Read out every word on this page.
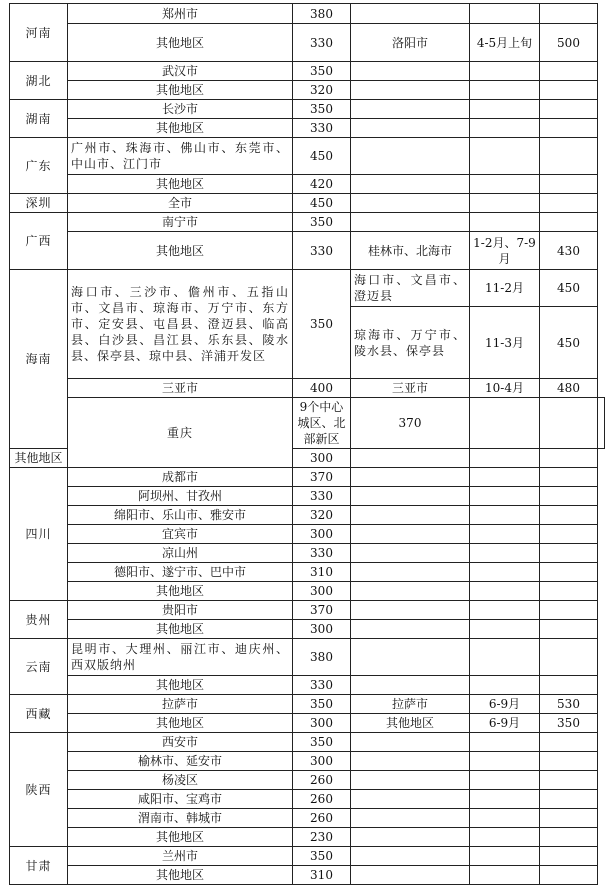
河南	郑州市	380				
	其他地区	330	洛阳市	4-5月上旬	500	
湖北	武汉市	350				
	其他地区	320				
湖南	长沙市	350				
	其他地区	330				
广东	广州市、珠海市、佛山市、东莞市、中山市、江门市	450				
	其他地区	420				
深圳	全市	450				
广西	南宁市	350				
	其他地区	330	桂林市、北海市	1-2月、7-9月	430	
海南	海口市、三沙市、儋州市、五指山市、文昌市、琼海市、万宁市、东方市、定安县、屯昌县、澄迈县、临高县、白沙县、昌江县、乐东县、陵水县、保亭县、琼中县、洋浦开发区	350	海口市、文昌市、澄迈县	11-2月	450	
			琼海市、万宁市、陵水县、保亭县	11-3月	450	
	三亚市	400	三亚市	10-4月	480	
	重庆	9个中心城区、北部新区	370			
其他地区		300				
四川	成都市	370				
	阿坝州、甘孜州	330				
	绵阳市、乐山市、雅安市	320				
	宜宾市	300				
	凉山州	330				
	德阳市、遂宁市、巴中市	310				
	其他地区	300				
贵州	贵阳市	370				
	其他地区	300				
云南	昆明市、大理州、丽江市、迪庆州、西双版纳州	380				
	其他地区	330				
西藏	拉萨市	350	拉萨市	6-9月	530	
	其他地区	300	其他地区	6-9月	350	
陕西	西安市	350				
	榆林市、延安市	300				
	杨凌区	260				
	咸阳市、宝鸡市	260				
	渭南市、韩城市	260				
	其他地区	230				
甘肃	兰州市	350				
	其他地区	310				
